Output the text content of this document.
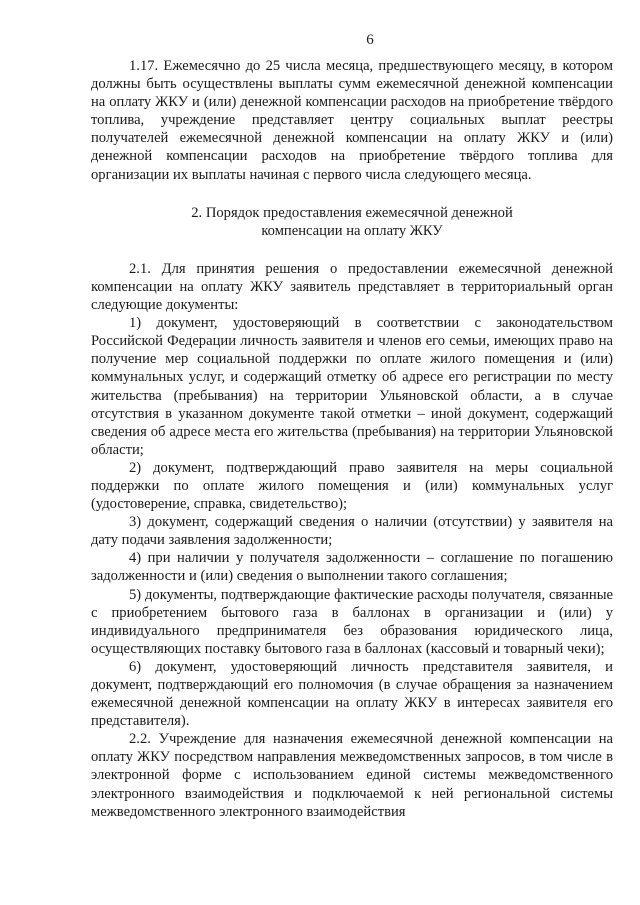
6

1.17. Ежемесячно до 25 числа месяца, предшествующего месяцу, в котором должны быть осуществлены выплаты сумм ежемесячной денежной компенсации на оплату ЖКУ и (или) денежной компенсации расходов на приобретение твёрдого топлива, учреждение представляет центру социальных выплат реестры получателей ежемесячной денежной компенсации на оплату ЖКУ и (или) денежной компенсации расходов на приобретение твёрдого топлива для организации их выплаты начиная с первого числа следующего месяца.

2. Порядок предоставления ежемесячной денежной
компенсации на оплату ЖКУ

2.1. Для принятия решения о предоставлении ежемесячной денежной компенсации на оплату ЖКУ заявитель представляет в территориальный орган следующие документы:

1) документ, удостоверяющий в соответствии с законодательством Российской Федерации личность заявителя и членов его семьи, имеющих право на получение мер социальной поддержки по оплате жилого помещения и (или) коммунальных услуг, и содержащий отметку об адресе его регистрации по месту жительства (пребывания) на территории Ульяновской области, а в случае отсутствия в указанном документе такой отметки – иной документ, содержащий сведения об адресе места его жительства (пребывания) на территории Ульяновской области;

2) документ, подтверждающий право заявителя на меры социальной поддержки по оплате жилого помещения и (или) коммунальных услуг (удостоверение, справка, свидетельство);

3) документ, содержащий сведения о наличии (отсутствии) у заявителя на дату подачи заявления задолженности;

4) при наличии у получателя задолженности – соглашение по погашению задолженности и (или) сведения о выполнении такого соглашения;

5) документы, подтверждающие фактические расходы получателя, связанные с приобретением бытового газа в баллонах в организации и (или) у индивидуального предпринимателя без образования юридического лица, осуществляющих поставку бытового газа в баллонах (кассовый и товарный чеки);

6) документ, удостоверяющий личность представителя заявителя, и документ, подтверждающий его полномочия (в случае обращения за назначением ежемесячной денежной компенсации на оплату ЖКУ в интересах заявителя его представителя).

2.2. Учреждение для назначения ежемесячной денежной компенсации на оплату ЖКУ посредством направления межведомственных запросов, в том числе в электронной форме с использованием единой системы межведомственного электронного взаимодействия и подключаемой к ней региональной системы межведомственного электронного взаимодействия
